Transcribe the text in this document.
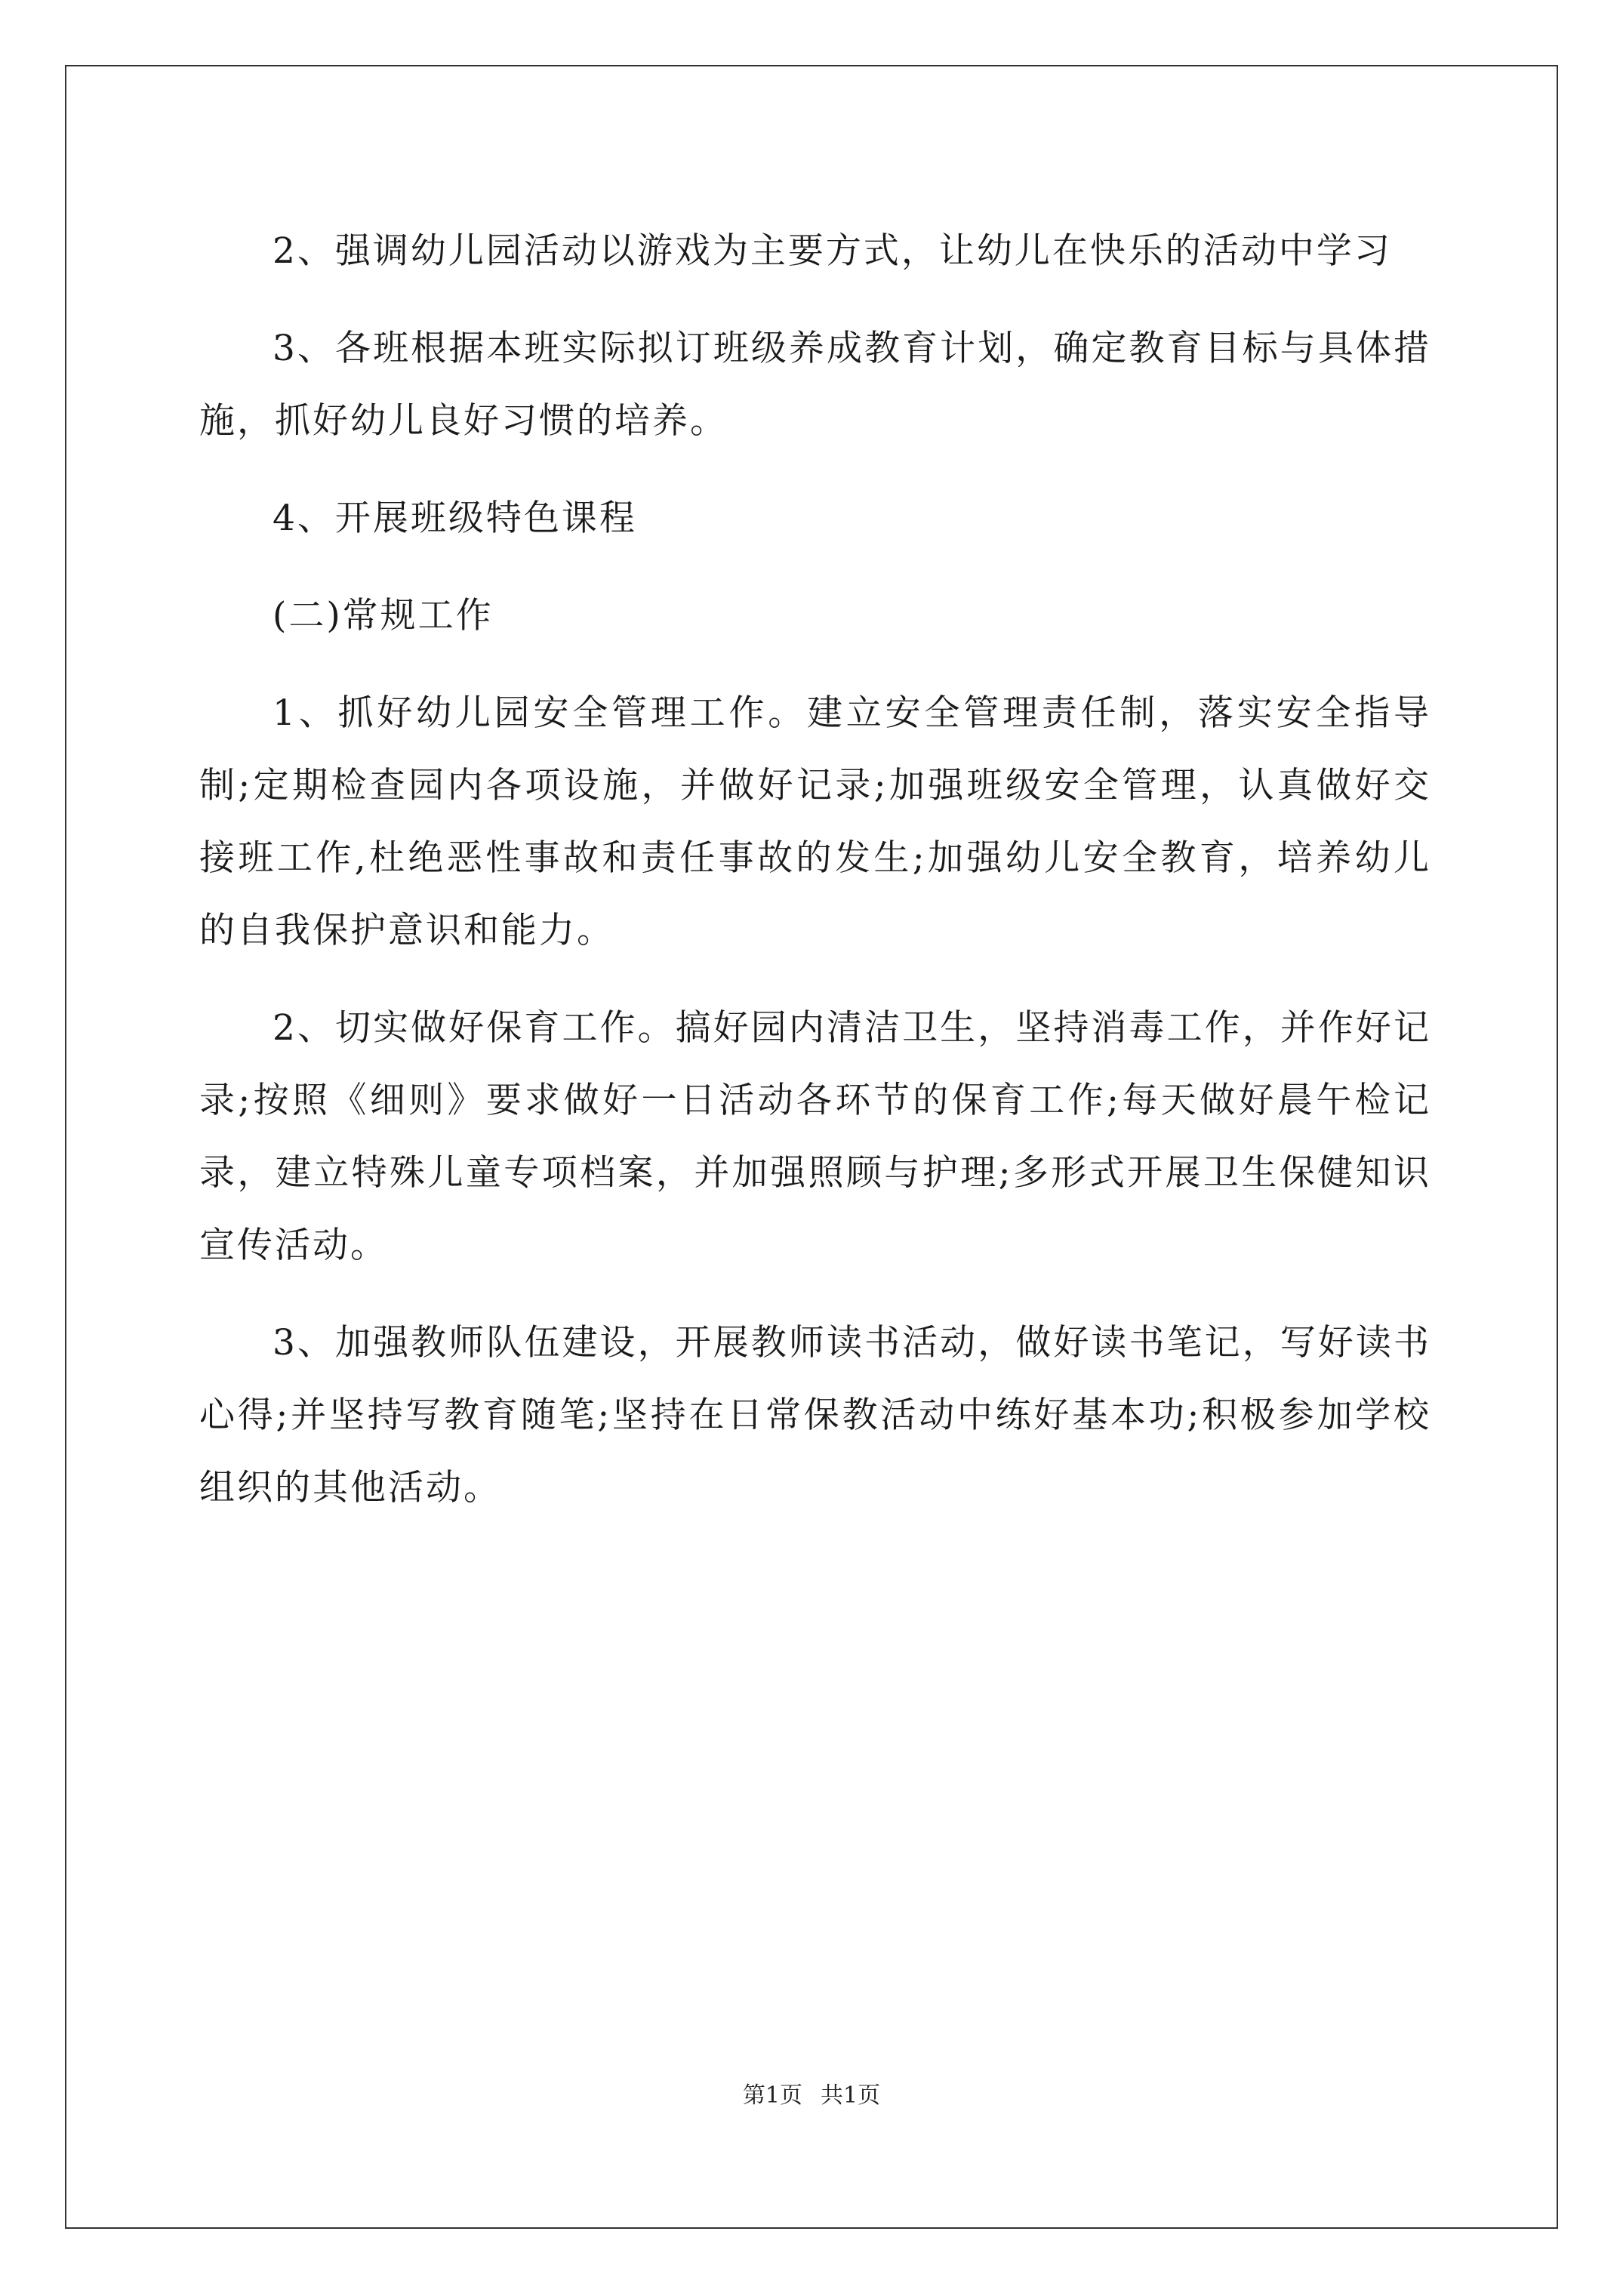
2、强调幼儿园活动以游戏为主要方式，让幼儿在快乐的活动中学习

3、各班根据本班实际拟订班级养成教育计划，确定教育目标与具体措施，抓好幼儿良好习惯的培养。

4、开展班级特色课程

(二)常规工作

1、抓好幼儿园安全管理工作。建立安全管理责任制，落实安全指导制;定期检查园内各项设施，并做好记录;加强班级安全管理，认真做好交接班工作,杜绝恶性事故和责任事故的发生;加强幼儿安全教育，培养幼儿的自我保护意识和能力。

2、切实做好保育工作。搞好园内清洁卫生，坚持消毒工作，并作好记录;按照《细则》要求做好一日活动各环节的保育工作;每天做好晨午检记录，建立特殊儿童专项档案，并加强照顾与护理;多形式开展卫生保健知识宣传活动。

3、加强教师队伍建设，开展教师读书活动，做好读书笔记，写好读书心得;并坚持写教育随笔;坚持在日常保教活动中练好基本功;积极参加学校组织的其他活动。

第1页 共1页
